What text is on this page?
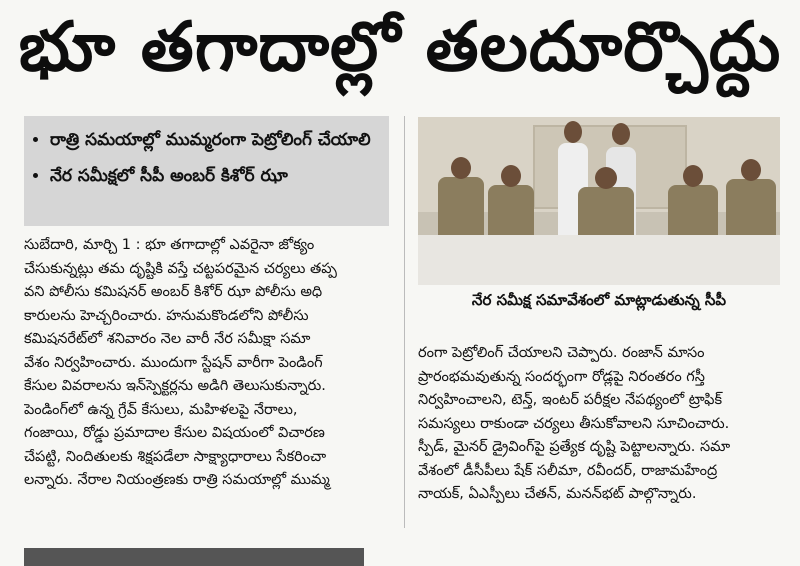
భూ తగాదాల్లో తలదూర్చొద్దు
• రాత్రి సమయాల్లో ముమ్మరంగా పెట్రోలింగ్ చేయాలి
• నేర సమీక్షలో సీపీ అంబర్ కిశోర్ ఝా
నేర సమీక్ష సమావేశంలో మాట్లాడుతున్న సీపీ
సుబేదారి, మార్చి 1 : భూ తగాదాల్లో ఎవరైనా జోక్యం
చేసుకున్నట్లు తమ దృష్టికి వస్తే చట్టపరమైన చర్యలు తప్ప
వని పోలీసు కమిషనర్ అంబర్ కిశోర్ ఝా పోలీసు అధి
కారులను హెచ్చరించారు. హనుమకొండలోని పోలీసు
కమిషనరేట్‌లో శనివారం నెల వారీ నేర సమీక్షా సమా
వేశం నిర్వహించారు. ముందుగా స్టేషన్ వారీగా పెండింగ్
కేసుల వివరాలను ఇన్‌స్పెక్టర్లను అడిగి తెలుసుకున్నారు.
పెండింగ్‌లో ఉన్న గ్రేవ్ కేసులు, మహిళలపై నేరాలు,
గంజాయి, రోడ్డు ప్రమాదాల కేసుల విషయంలో విచారణ
చేపట్టి, నిందితులకు శిక్షపడేలా సాక్ష్యాధారాలు సేకరించా
లన్నారు. నేరాల నియంత్రణకు రాత్రి సమయాల్లో ముమ్మ
రంగా పెట్రోలింగ్ చేయాలని చెప్పారు. రంజాన్ మాసం
ప్రారంభమవుతున్న సందర్భంగా రోడ్లపై నిరంతరం గస్తీ
నిర్వహించాలని, టెన్త్, ఇంటర్ పరీక్షల నేపథ్యంలో ట్రాఫిక్
సమస్యలు రాకుండా చర్యలు తీసుకోవాలని సూచించారు.
స్పీడ్, మైనర్ డ్రైవింగ్‌పై ప్రత్యేక దృష్టి పెట్టాలన్నారు. సమా
వేశంలో డీసీపీలు షేక్ సలీమా, రవీందర్, రాజామహేంద్ర
నాయక్, ఏఎస్పీలు చేతన్, మనన్‌భట్ పాల్గొన్నారు.
